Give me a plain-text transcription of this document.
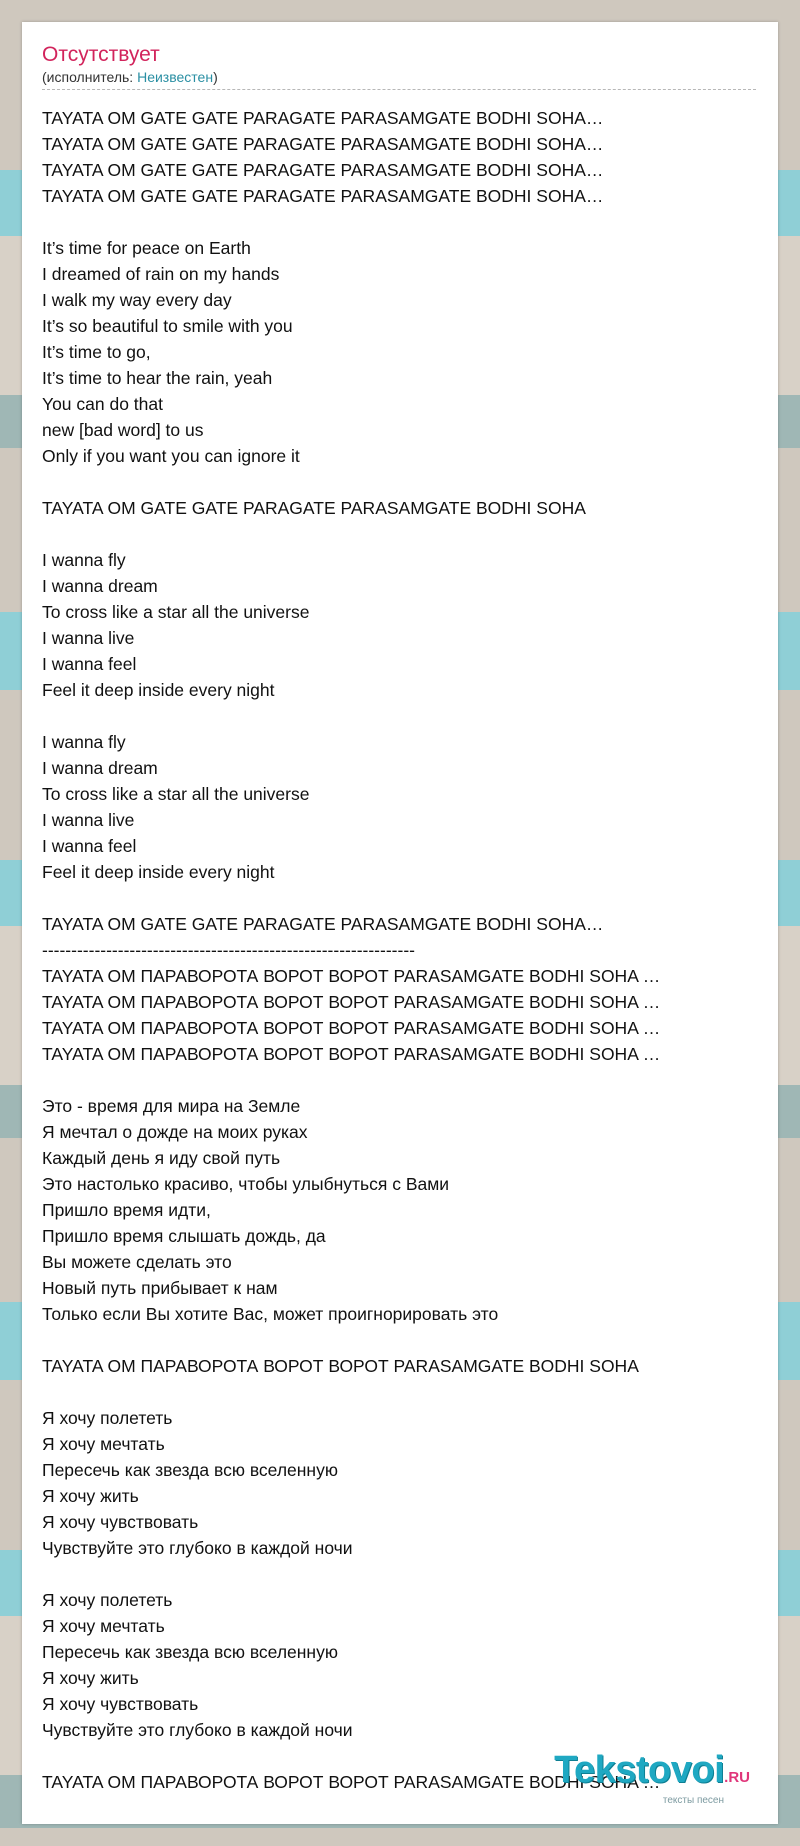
Отсутствует
(исполнитель: Неизвестен)
TAYATA OM GATE GATE PARAGATE PARASAMGATE BODHI SOHA…
TAYATA OM GATE GATE PARAGATE PARASAMGATE BODHI SOHA…
TAYATA OM GATE GATE PARAGATE PARASAMGATE BODHI SOHA…
TAYATA OM GATE GATE PARAGATE PARASAMGATE BODHI SOHA…
It’s time for peace on Earth
I dreamed of rain on my hands
I walk my way every day
It’s so beautiful to smile with you
It’s time to go,
It’s time to hear the rain, yeah
You can do that
new [bad word] to us
Only if you want you can ignore it
TAYATA OM GATE GATE PARAGATE PARASAMGATE BODHI SOHA
I wanna fly
I wanna dream
To cross like a star all the universe
I wanna live
I wanna feel
Feel it deep inside every night
I wanna fly
I wanna dream
To cross like a star all the universe
I wanna live
I wanna feel
Feel it deep inside every night
TAYATA OM GATE GATE PARAGATE PARASAMGATE BODHI SOHA…
----------------------------------------------------------------
TAYATA ОМ ПАРАВОРОТА ВОРОТ ВОРОТ PARASAMGATE BODHI SOHA …
TAYATA ОМ ПАРАВОРОТА ВОРОТ ВОРОТ PARASAMGATE BODHI SOHA …
TAYATA ОМ ПАРАВОРОТА ВОРОТ ВОРОТ PARASAMGATE BODHI SOHA …
TAYATA ОМ ПАРАВОРОТА ВОРОТ ВОРОТ PARASAMGATE BODHI SOHA …
Это - время для мира на Земле
Я мечтал о дожде на моих руках
Каждый день я иду свой путь
Это настолько красиво, чтобы улыбнуться с Вами
Пришло время идти,
Пришло время слышать дождь, да
Вы можете сделать это
Новый путь прибывает к нам
Только если Вы хотите Вас, может проигнорировать это
TAYATA ОМ ПАРАВОРОТА ВОРОТ ВОРОТ PARASAMGATE BODHI SOHA
Я хочу полететь
Я хочу мечтать
Пересечь как звезда всю вселенную
Я хочу жить
Я хочу чувствовать
Чувствуйте это глубоко в каждой ночи
Я хочу полететь
Я хочу мечтать
Пересечь как звезда всю вселенную
Я хочу жить
Я хочу чувствовать
Чувствуйте это глубоко в каждой ночи
TAYATA ОМ ПАРАВОРОТА ВОРОТ ВОРОТ PARASAMGATE BODHI SOHA …
Tekstovoi.RU
тексты песен
